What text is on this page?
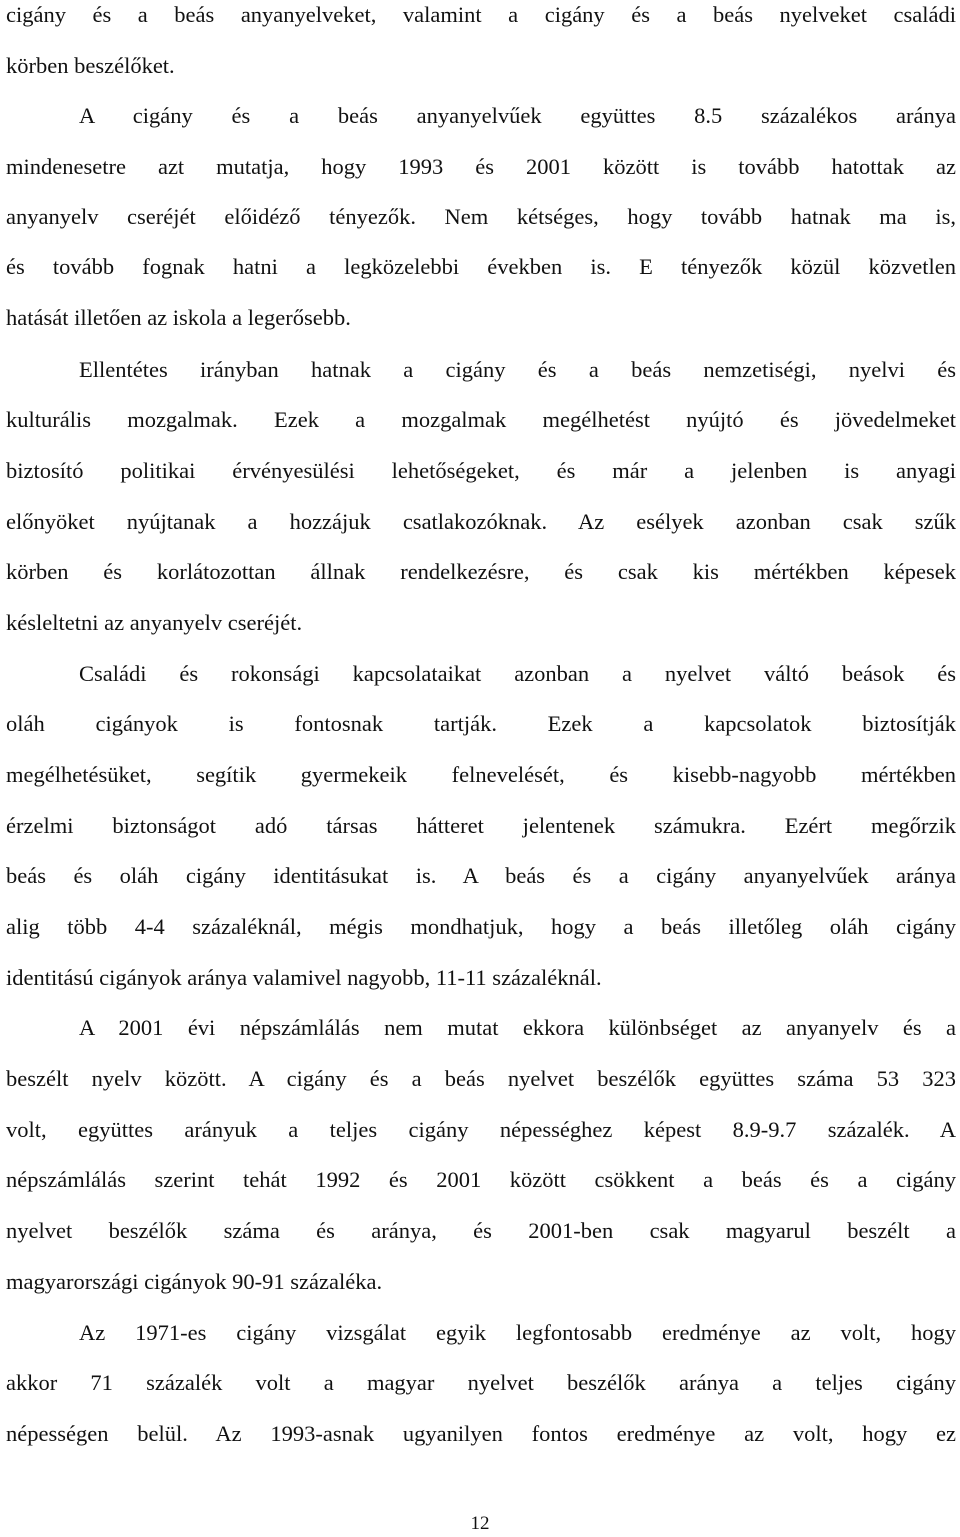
cigány és a beás anyanyelveket, valamint a cigány és a beás nyelveket családi
körben beszélőket.
A cigány és a beás anyanyelvűek együttes 8.5 százalékos aránya
mindenesetre azt mutatja, hogy 1993 és 2001 között is tovább hatottak az
anyanyelv cseréjét előidéző tényezők. Nem kétséges, hogy tovább hatnak ma is,
és tovább fognak hatni a legközelebbi években is. E tényezők közül közvetlen
hatását illetően az iskola a legerősebb.
Ellentétes irányban hatnak a cigány és a beás nemzetiségi, nyelvi és
kulturális mozgalmak. Ezek a mozgalmak megélhetést nyújtó és jövedelmeket
biztosító politikai érvényesülési lehetőségeket, és már a jelenben is anyagi
előnyöket nyújtanak a hozzájuk csatlakozóknak. Az esélyek azonban csak szűk
körben és korlátozottan állnak rendelkezésre, és csak kis mértékben képesek
késleltetni az anyanyelv cseréjét.
Családi és rokonsági kapcsolataikat azonban a nyelvet váltó beások és
oláh cigányok is fontosnak tartják. Ezek a kapcsolatok biztosítják
megélhetésüket, segítik gyermekeik felnevelését, és kisebb-nagyobb mértékben
érzelmi biztonságot adó társas hátteret jelentenek számukra. Ezért megőrzik
beás és oláh cigány identitásukat is. A beás és a cigány anyanyelvűek aránya
alig több 4-4 százaléknál, mégis mondhatjuk, hogy a beás illetőleg oláh cigány
identitású cigányok aránya valamivel nagyobb, 11-11 százaléknál.
A 2001 évi népszámlálás nem mutat ekkora különbséget az anyanyelv és a
beszélt nyelv között. A cigány és a beás nyelvet beszélők együttes száma 53 323
volt, együttes arányuk a teljes cigány népességhez képest 8.9-9.7 százalék. A
népszámlálás szerint tehát 1992 és 2001 között csökkent a beás és a cigány
nyelvet beszélők száma és aránya, és 2001-ben csak magyarul beszélt a
magyarországi cigányok 90-91 százaléka.
Az 1971-es cigány vizsgálat egyik legfontosabb eredménye az volt, hogy
akkor 71 százalék volt a magyar nyelvet beszélők aránya a teljes cigány
népességen belül. Az 1993-asnak ugyanilyen fontos eredménye az volt, hogy ez
12
